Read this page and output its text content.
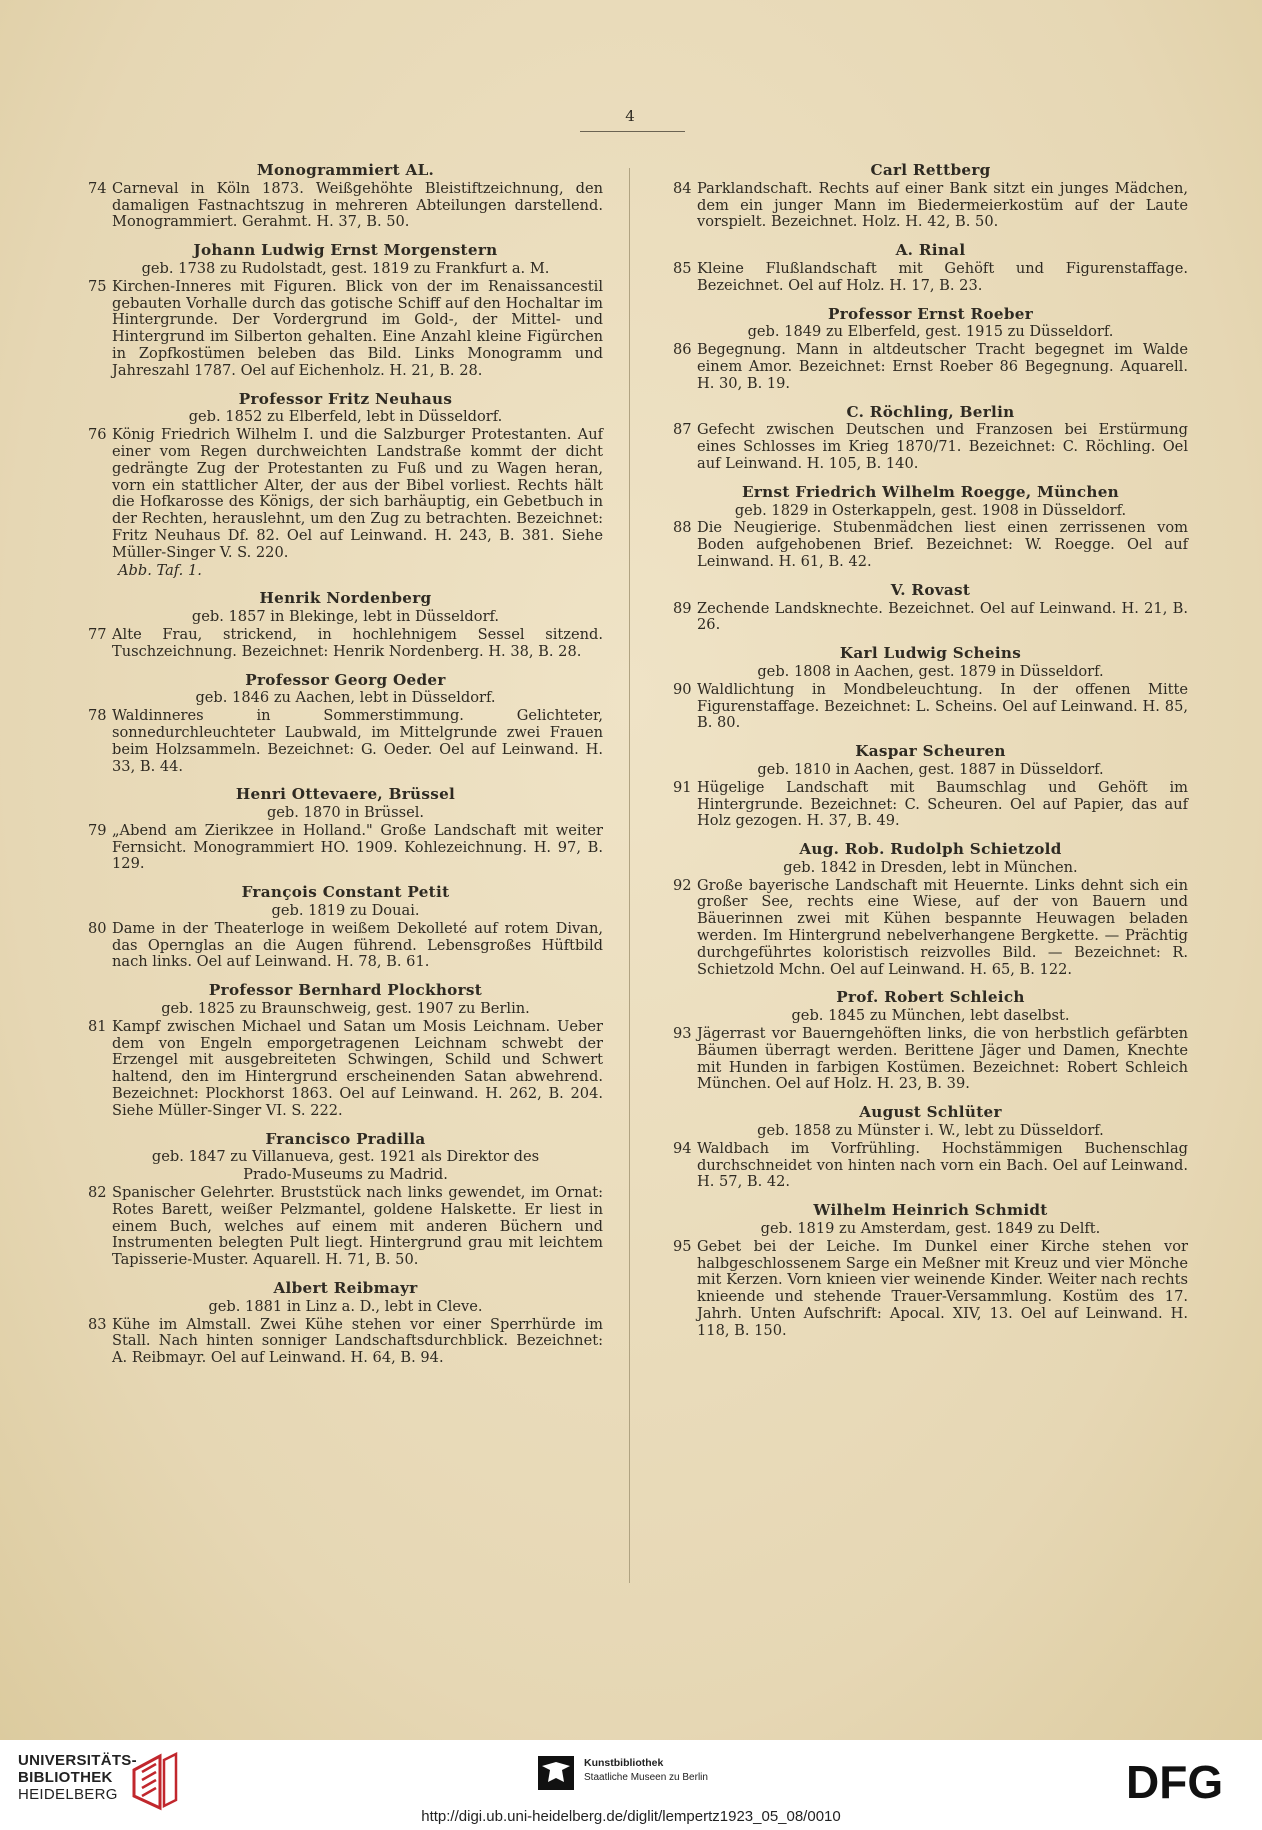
4
Monogrammiert AL.
74 Carneval in Köln 1873. Weißgehöhte Bleistiftzeichnung, den damaligen Fastnachtszug in mehreren Abteilungen darstellend. Monogrammiert. Gerahmt. H. 37, B. 50.
Johann Ludwig Ernst Morgenstern
geb. 1738 zu Rudolstadt, gest. 1819 zu Frankfurt a. M.
75 Kirchen-Inneres mit Figuren. Blick von der im Renaissancestil gebauten Vorhalle durch das gotische Schiff auf den Hochaltar im Hintergrunde. Der Vordergrund im Gold-, der Mittel- und Hintergrund im Silberton gehalten. Eine Anzahl kleine Figürchen in Zopfkostümen beleben das Bild. Links Monogramm und Jahreszahl 1787. Oel auf Eichenholz. H. 21, B. 28.
Professor Fritz Neuhaus
geb. 1852 zu Elberfeld, lebt in Düsseldorf.
76 König Friedrich Wilhelm I. und die Salzburger Protestanten. Auf einer vom Regen durchweichten Landstraße kommt der dicht gedrängte Zug der Protestanten zu Fuß und zu Wagen heran, vorn ein stattlicher Alter, der aus der Bibel vorliest. Rechts hält die Hofkarosse des Königs, der sich barhäuptig, ein Gebetbuch in der Rechten, herauslehnt, um den Zug zu betrachten. Bezeichnet: Fritz Neuhaus Df. 82. Oel auf Leinwand. H. 243, B. 381. Siehe Müller-Singer V. S. 220.
Abb. Taf. 1.
Henrik Nordenberg
geb. 1857 in Blekinge, lebt in Düsseldorf.
77 Alte Frau, strickend, in hochlehnigem Sessel sitzend. Tuschzeichnung. Bezeichnet: Henrik Nordenberg. H. 38, B. 28.
Professor Georg Oeder
geb. 1846 zu Aachen, lebt in Düsseldorf.
78 Waldinneres in Sommerstimmung. Gelichteter, sonnedurchleuchteter Laubwald, im Mittelgrunde zwei Frauen beim Holzsammeln. Bezeichnet: G. Oeder. Oel auf Leinwand. H. 33, B. 44.
Henri Ottevaere, Brüssel
geb. 1870 in Brüssel.
79 „Abend am Zierikzee in Holland." Große Landschaft mit weiter Fernsicht. Monogrammiert HO. 1909. Kohlezeichnung. H. 97, B. 129.
François Constant Petit
geb. 1819 zu Douai.
80 Dame in der Theaterloge in weißem Dekolleté auf rotem Divan, das Opernglas an die Augen führend. Lebensgroßes Hüftbild nach links. Oel auf Leinwand. H. 78, B. 61.
Professor Bernhard Plockhorst
geb. 1825 zu Braunschweig, gest. 1907 zu Berlin.
81 Kampf zwischen Michael und Satan um Mosis Leichnam. Ueber dem von Engeln emporgetragenen Leichnam schwebt der Erzengel mit ausgebreiteten Schwingen, Schild und Schwert haltend, den im Hintergrund erscheinenden Satan abwehrend. Bezeichnet: Plockhorst 1863. Oel auf Leinwand. H. 262, B. 204. Siehe Müller-Singer VI. S. 222.
Francisco Pradilla
geb. 1847 zu Villanueva, gest. 1921 als Direktor des
Prado-Museums zu Madrid.
82 Spanischer Gelehrter. Bruststück nach links gewendet, im Ornat: Rotes Barett, weißer Pelzmantel, goldene Halskette. Er liest in einem Buch, welches auf einem mit anderen Büchern und Instrumenten belegten Pult liegt. Hintergrund grau mit leichtem Tapisserie-Muster. Aquarell. H. 71, B. 50.
Albert Reibmayr
geb. 1881 in Linz a. D., lebt in Cleve.
83 Kühe im Almstall. Zwei Kühe stehen vor einer Sperrhürde im Stall. Nach hinten sonniger Landschaftsdurchblick. Bezeichnet: A. Reibmayr. Oel auf Leinwand. H. 64, B. 94.
Carl Rettberg
84 Parklandschaft. Rechts auf einer Bank sitzt ein junges Mädchen, dem ein junger Mann im Biedermeierkostüm auf der Laute vorspielt. Bezeichnet. Holz. H. 42, B. 50.
A. Rinal
85 Kleine Flußlandschaft mit Gehöft und Figurenstaffage. Bezeichnet. Oel auf Holz. H. 17, B. 23.
Professor Ernst Roeber
geb. 1849 zu Elberfeld, gest. 1915 zu Düsseldorf.
86 Begegnung. Mann in altdeutscher Tracht begegnet im Walde einem Amor. Bezeichnet: Ernst Roeber 86 Begegnung. Aquarell. H. 30, B. 19.
C. Röchling, Berlin
87 Gefecht zwischen Deutschen und Franzosen bei Erstürmung eines Schlosses im Krieg 1870/71. Bezeichnet: C. Röchling. Oel auf Leinwand. H. 105, B. 140.
Ernst Friedrich Wilhelm Roegge, München
geb. 1829 in Osterkappeln, gest. 1908 in Düsseldorf.
88 Die Neugierige. Stubenmädchen liest einen zerrissenen vom Boden aufgehobenen Brief. Bezeichnet: W. Roegge. Oel auf Leinwand. H. 61, B. 42.
V. Rovast
89 Zechende Landsknechte. Bezeichnet. Oel auf Leinwand. H. 21, B. 26.
Karl Ludwig Scheins
geb. 1808 in Aachen, gest. 1879 in Düsseldorf.
90 Waldlichtung in Mondbeleuchtung. In der offenen Mitte Figurenstaffage. Bezeichnet: L. Scheins. Oel auf Leinwand. H. 85, B. 80.
Kaspar Scheuren
geb. 1810 in Aachen, gest. 1887 in Düsseldorf.
91 Hügelige Landschaft mit Baumschlag und Gehöft im Hintergrunde. Bezeichnet: C. Scheuren. Oel auf Papier, das auf Holz gezogen. H. 37, B. 49.
Aug. Rob. Rudolph Schietzold
geb. 1842 in Dresden, lebt in München.
92 Große bayerische Landschaft mit Heuernte. Links dehnt sich ein großer See, rechts eine Wiese, auf der von Bauern und Bäuerinnen zwei mit Kühen bespannte Heuwagen beladen werden. Im Hintergrund nebelverhangene Bergkette. — Prächtig durchgeführtes koloristisch reizvolles Bild. — Bezeichnet: R. Schietzold Mchn. Oel auf Leinwand. H. 65, B. 122.
Prof. Robert Schleich
geb. 1845 zu München, lebt daselbst.
93 Jägerrast vor Bauerngehöften links, die von herbstlich gefärbten Bäumen überragt werden. Berittene Jäger und Damen, Knechte mit Hunden in farbigen Kostümen. Bezeichnet: Robert Schleich München. Oel auf Holz. H. 23, B. 39.
August Schlüter
geb. 1858 zu Münster i. W., lebt zu Düsseldorf.
94 Waldbach im Vorfrühling. Hochstämmigen Buchenschlag durchschneidet von hinten nach vorn ein Bach. Oel auf Leinwand. H. 57, B. 42.
Wilhelm Heinrich Schmidt
geb. 1819 zu Amsterdam, gest. 1849 zu Delft.
95 Gebet bei der Leiche. Im Dunkel einer Kirche stehen vor halbgeschlossenem Sarge ein Meßner mit Kreuz und vier Mönche mit Kerzen. Vorn knieen vier weinende Kinder. Weiter nach rechts knieende und stehende Trauer-Versammlung. Kostüm des 17. Jahrh. Unten Aufschrift: Apocal. XIV, 13. Oel auf Leinwand. H. 118, B. 150.
UNIVERSITÄTS-
BIBLIOTHEK
HEIDELBERG
Kunstbibliothek
Staatliche Museen zu Berlin	DFG
http://digi.ub.uni-heidelberg.de/diglit/lempertz1923_05_08/0010
